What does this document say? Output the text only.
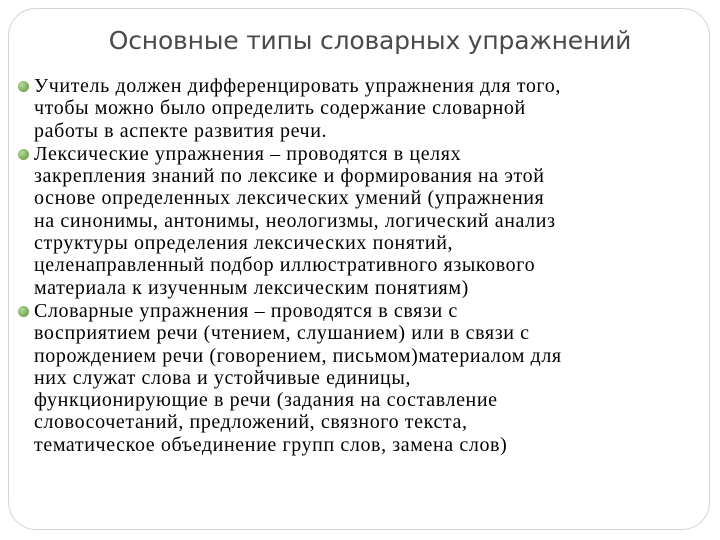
Основные типы словарных упражнений
Учитель должен дифференцировать упражнения для того,
чтобы можно было определить содержание словарной
работы в аспекте развития речи.
Лексические упражнения – проводятся в целях
закрепления знаний по лексике и формирования на этой
основе определенных лексических умений (упражнения
на синонимы, антонимы, неологизмы, логический анализ
структуры определения лексических понятий,
целенаправленный подбор иллюстративного языкового
материала к изученным лексическим понятиям)
Словарные упражнения – проводятся в связи с
восприятием речи (чтением, слушанием) или в связи с
порождением речи (говорением, письмом)материалом для
них служат слова и устойчивые единицы,
функционирующие в речи (задания на составление
словосочетаний, предложений, связного текста,
тематическое объединение групп слов, замена слов)
